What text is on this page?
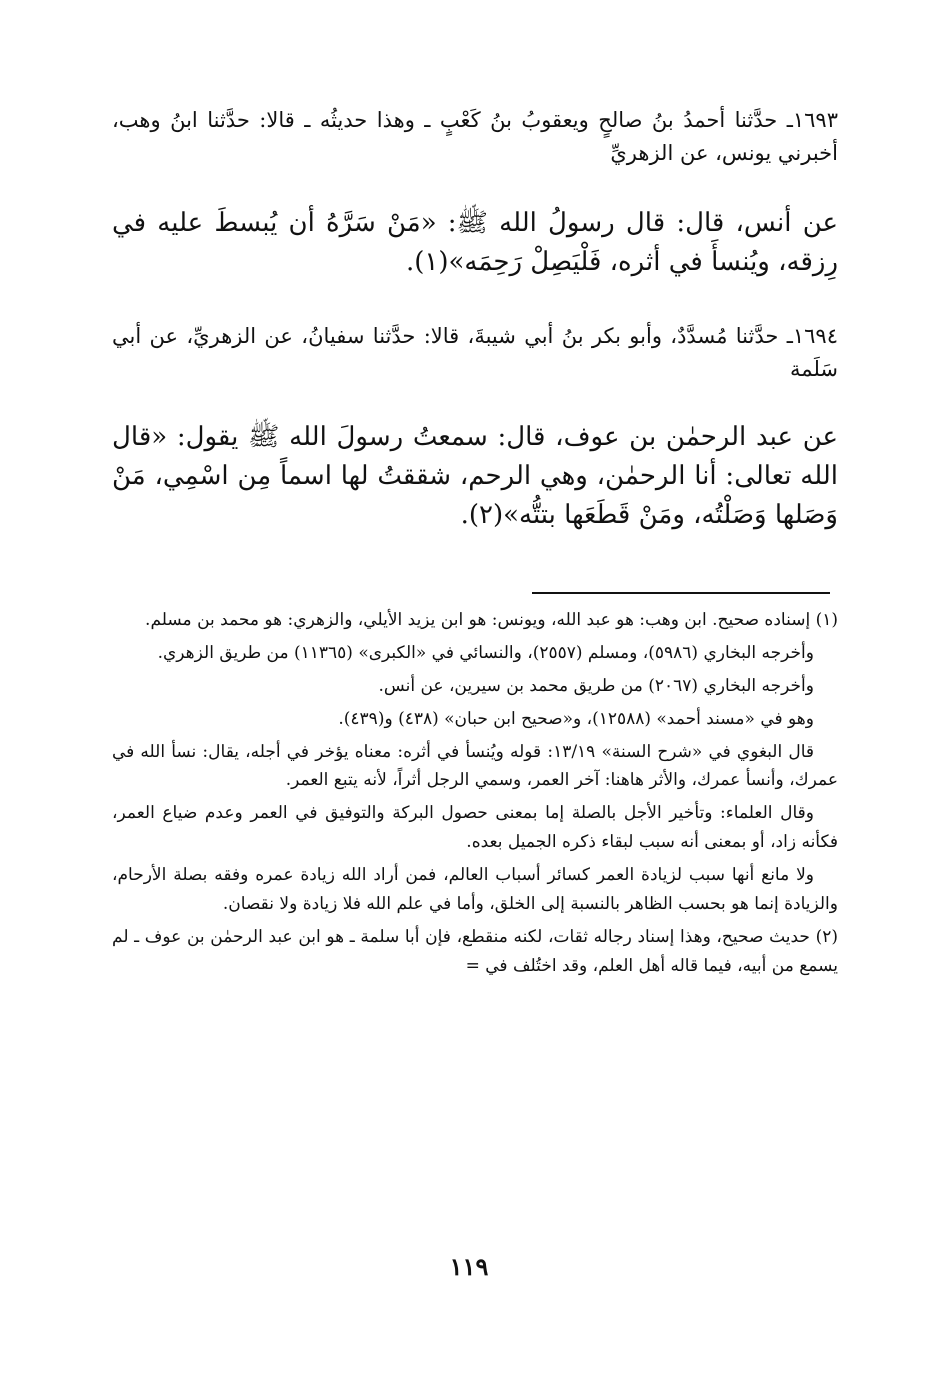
١٦٩٣ـ حدَّثنا أحمدُ بنُ صالحٍ ويعقوبُ بنُ كَعْبٍ ـ وهذا حديثُه ـ قالا: حدَّثنا ابنُ وهب، أخبرني يونس، عن الزهريِّ

عن أنس، قال: قال رسولُ الله ﷺ: «مَنْ سَرَّهُ أن يُبسطَ عليه في رِزقه، ويُنسأَ في أثره، فَلْيَصِلْ رَحِمَه»(١).

١٦٩٤ـ حدَّثنا مُسدَّدٌ، وأبو بكر بنُ أبي شيبةَ، قالا: حدَّثنا سفيانُ، عن الزهريِّ، عن أبي سَلَمة

عن عبد الرحمٰن بن عوف، قال: سمعتُ رسولَ الله ﷺ يقول: «قال الله تعالى: أنا الرحمٰن، وهي الرحم، شققتُ لها اسماً مِن اسْمِي، مَنْ وَصَلها وَصَلْتُه، ومَنْ قَطَعَها بتتُّه»(٢).

(١) إسناده صحيح. ابن وهب: هو عبد الله، ويونس: هو ابن يزيد الأيلي، والزهري: هو محمد بن مسلم.

وأخرجه البخاري (٥٩٨٦)، ومسلم (٢٥٥٧)، والنسائي في «الكبرى» (١١٣٦٥) من طريق الزهري.

وأخرجه البخاري (٢٠٦٧) من طريق محمد بن سيرين، عن أنس.

وهو في «مسند أحمد» (١٢٥٨٨)، و«صحيح ابن حبان» (٤٣٨) و(٤٣٩).

قال البغوي في «شرح السنة» ١٣/١٩: قوله ويُنسأ في أثره: معناه يؤخر في أجله، يقال: نسأ الله في عمرك، وأنسأ عمرك، والأثر هاهنا: آخر العمر، وسمي الرجل أثراً، لأنه يتبع العمر.

وقال العلماء: وتأخير الأجل بالصلة إما بمعنى حصول البركة والتوفيق في العمر وعدم ضياع العمر، فكأنه زاد، أو بمعنى أنه سبب لبقاء ذكره الجميل بعده.

ولا مانع أنها سبب لزيادة العمر كسائر أسباب العالم، فمن أراد الله زيادة عمره وفقه بصلة الأرحام، والزيادة إنما هو بحسب الظاهر بالنسبة إلى الخلق، وأما في علم الله فلا زيادة ولا نقصان.

(٢) حديث صحيح، وهذا إسناد رجاله ثقات، لكنه منقطع، فإن أبا سلمة ـ هو ابن عبد الرحمٰن بن عوف ـ لم يسمع من أبيه، فيما قاله أهل العلم، وقد اختُلف في =

١١٩
